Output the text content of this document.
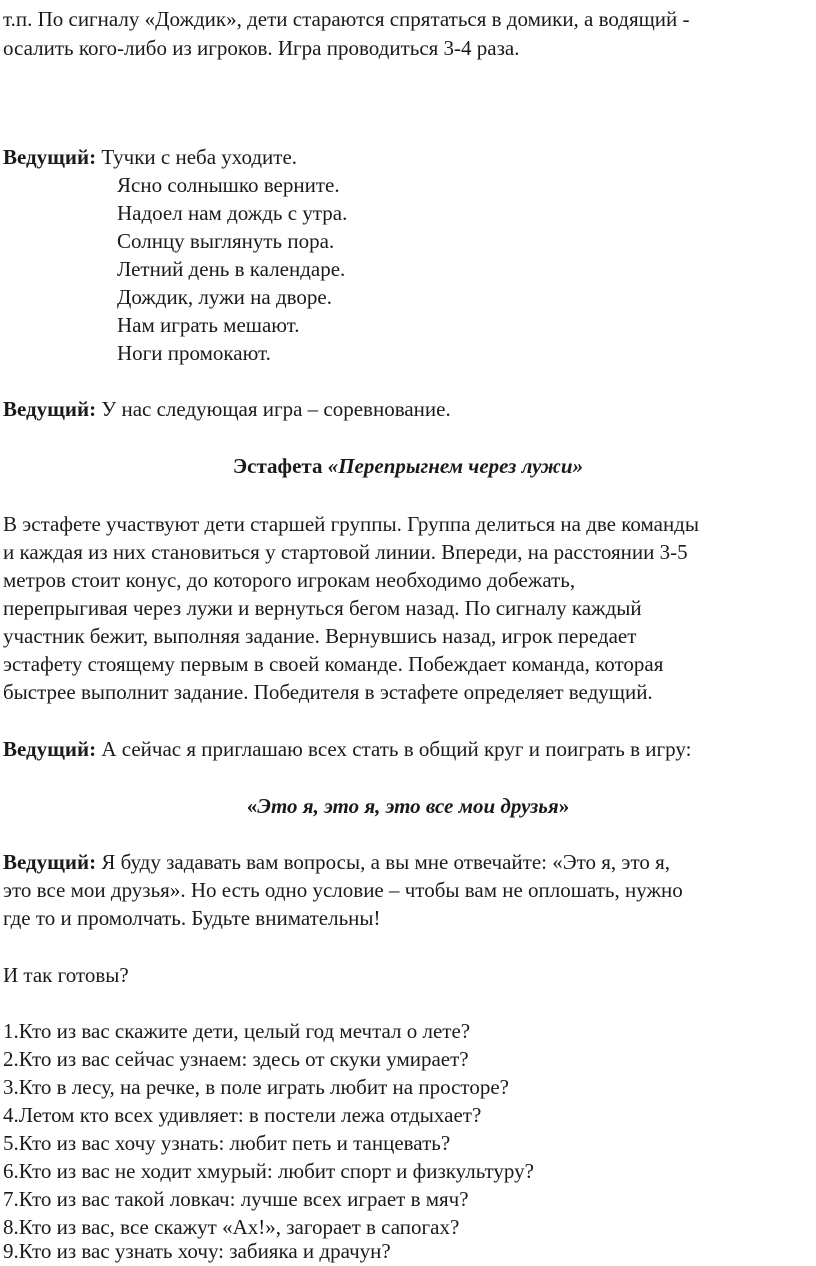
т.п. По сигналу «Дождик», дети стараются спрятаться в домики, а водящий -
осалить кого-либо из игроков. Игра проводиться 3-4 раза.
Ведущий: Тучки с неба уходите.
Ясно солнышко верните.
Надоел нам дождь с утра.
Солнцу выглянуть пора.
Летний день в календаре.
Дождик, лужи на дворе.
Нам играть мешают.
Ноги промокают.
Ведущий: У нас следующая игра – соревнование.
Эстафета «Перепрыгнем через лужи»
В эстафете участвуют дети старшей группы. Группа делиться на две команды
и каждая из них становиться у стартовой линии. Впереди, на расстоянии 3-5
метров стоит конус, до которого игрокам необходимо добежать,
перепрыгивая через лужи и вернуться бегом назад. По сигналу каждый
участник бежит, выполняя задание. Вернувшись назад, игрок передает
эстафету стоящему первым в своей команде. Побеждает команда, которая
быстрее выполнит задание. Победителя в эстафете определяет ведущий.
Ведущий: А сейчас я приглашаю всех стать в общий круг и поиграть в игру:
«Это я, это я, это все мои друзья»
Ведущий: Я буду задавать вам вопросы, а вы мне отвечайте: «Это я, это я,
это все мои друзья». Но есть одно условие – чтобы вам не оплошать, нужно
где то и промолчать. Будьте внимательны!
И так готовы?
1.Кто из вас скажите дети, целый год мечтал о лете?
2.Кто из вас сейчас узнаем: здесь от скуки умирает?
3.Кто в лесу, на речке, в поле играть любит на просторе?
4.Летом кто всех удивляет: в постели лежа отдыхает?
5.Кто из вас хочу узнать: любит петь и танцевать?
6.Кто из вас не ходит хмурый: любит спорт и физкультуру?
7.Кто из вас такой ловкач: лучше всех играет в мяч?
8.Кто из вас, все скажут «Ах!», загорает в сапогах?
9.Кто из вас узнать хочу: забияка и драчун?
